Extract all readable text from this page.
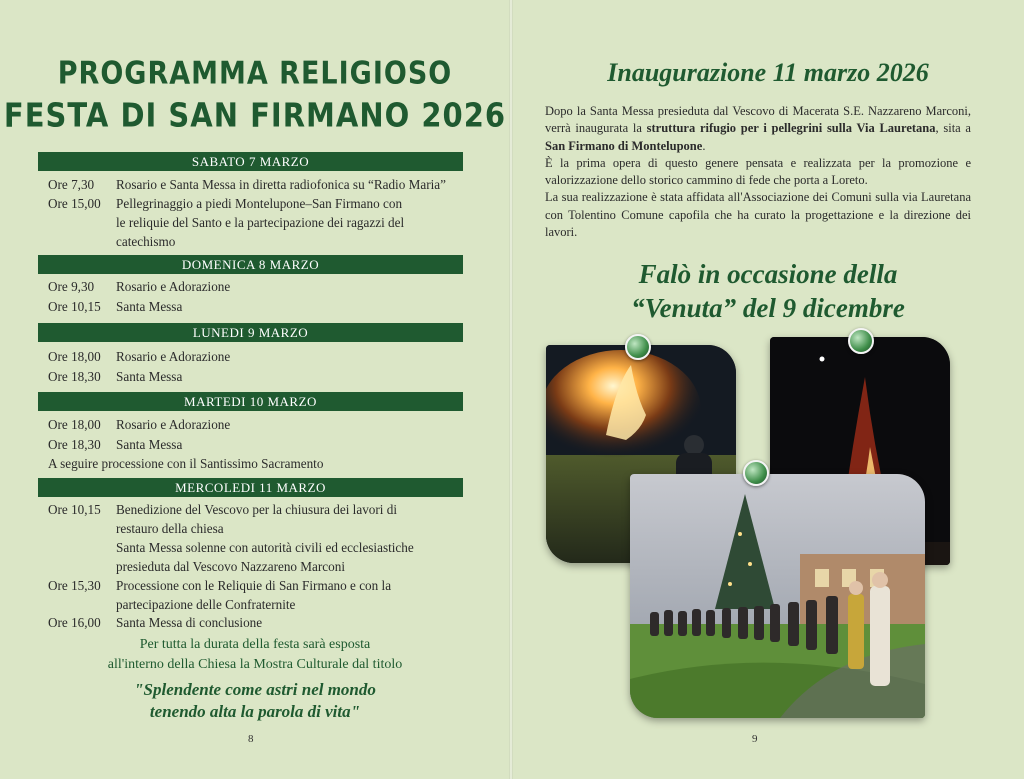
PROGRAMMA RELIGIOSO
FESTA DI SAN FIRMANO 2026
SABATO 7 MARZO
Ore 7,30 Rosario e Santa Messa in diretta radiofonica su “Radio Maria”
Ore 15,00 Pellegrinaggio a piedi Montelupone–San Firmano con
le reliquie del Santo e la partecipazione dei ragazzi del
catechismo
DOMENICA 8 MARZO
Ore 9,30 Rosario e Adorazione
Ore 10,15 Santa Messa
LUNEDI 9 MARZO
Ore 18,00 Rosario e Adorazione
Ore 18,30 Santa Messa
MARTEDI 10 MARZO
Ore 18,00 Rosario e Adorazione
Ore 18,30 Santa Messa
A seguire processione con il Santissimo Sacramento
MERCOLEDI 11 MARZO
Ore 10,15 Benedizione del Vescovo per la chiusura dei lavori di
restauro della chiesa
Santa Messa solenne con autorità civili ed ecclesiastiche
presieduta dal Vescovo Nazzareno Marconi
Ore 15,30 Processione con le Reliquie di San Firmano e con la
partecipazione delle Confraternite
Ore 16,00 Santa Messa di conclusione
Per tutta la durata della festa sarà esposta
all'interno della Chiesa la Mostra Culturale dal titolo
"Splendente come astri nel mondo
tenendo alta la parola di vita"
8
Inaugurazione 11 marzo 2026

Dopo la Santa Messa presieduta dal Vescovo di Macerata S.E. Nazzareno Marconi, verrà inaugurata la struttura rifugio per i pellegrini sulla Via Lauretana, sita a San Firmano di Montelupone.

È la prima opera di questo genere pensata e realizzata per la promozione e valorizzazione dello storico cammino di fede che porta a Loreto.

La sua realizzazione è stata affidata all'Associazione dei Comuni sulla via Lauretana con Tolentino Comune capofila che ha curato la progettazione e la direzione dei lavori.

Falò in occasione della
“Venuta” del 9 dicembre
9
